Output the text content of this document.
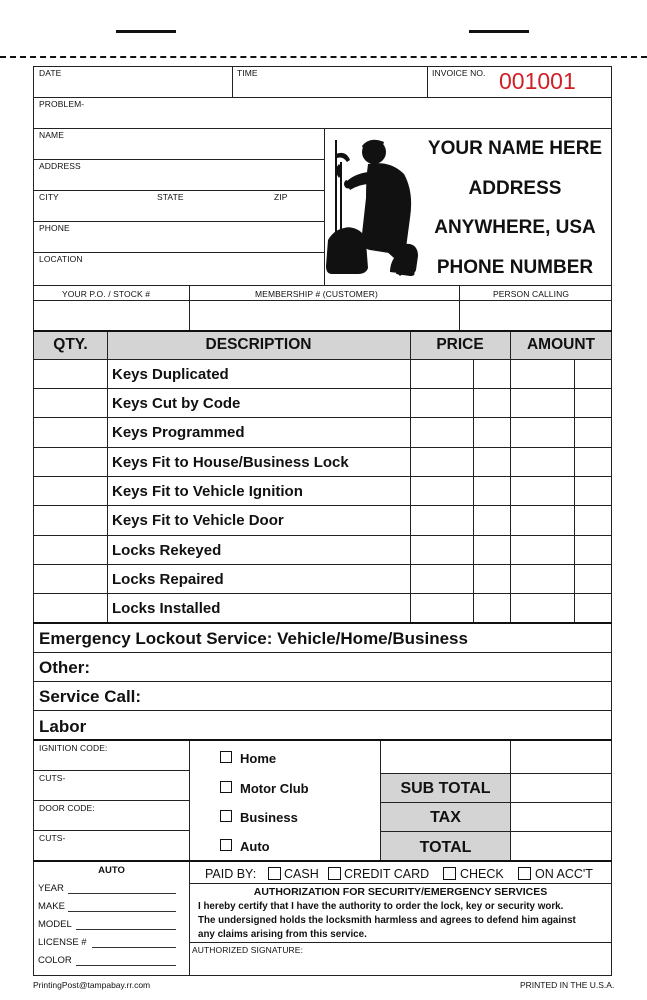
DATE	TIME	INVOICE NO. 001001
PROBLEM-
NAME
ADDRESS
CITY	STATE	ZIP
PHONE
LOCATION
YOUR NAME HERE
ADDRESS
ANYWHERE, USA
PHONE NUMBER
YOUR P.O. / STOCK #	MEMBERSHIP # (CUSTOMER)	PERSON CALLING
QTY.	DESCRIPTION	PRICE	AMOUNT
Keys Duplicated
Keys Cut by Code
Keys Programmed
Keys Fit to House/Business Lock
Keys Fit to Vehicle Ignition
Keys Fit to Vehicle Door
Locks Rekeyed
Locks Repaired
Locks Installed
Emergency Lockout Service: Vehicle/Home/Business
Other:
Service Call:
Labor
IGNITION CODE:
CUTS-
DOOR CODE:
CUTS-
Home
Motor Club
Business
Auto
SUB TOTAL
TAX
TOTAL
AUTO
YEAR
MAKE
MODEL
LICENSE #
COLOR
PAID BY: CASH CREDIT CARD CHECK ON ACC'T
AUTHORIZATION FOR SECURITY/EMERGENCY SERVICES
I hereby certify that I have the authority to order the lock, key or security work.
The undersigned holds the locksmith harmless and agrees to defend him against
any claims arising from this service.
AUTHORIZED SIGNATURE:
PrintingPost@tampabay.rr.com	PRINTED IN THE U.S.A.
